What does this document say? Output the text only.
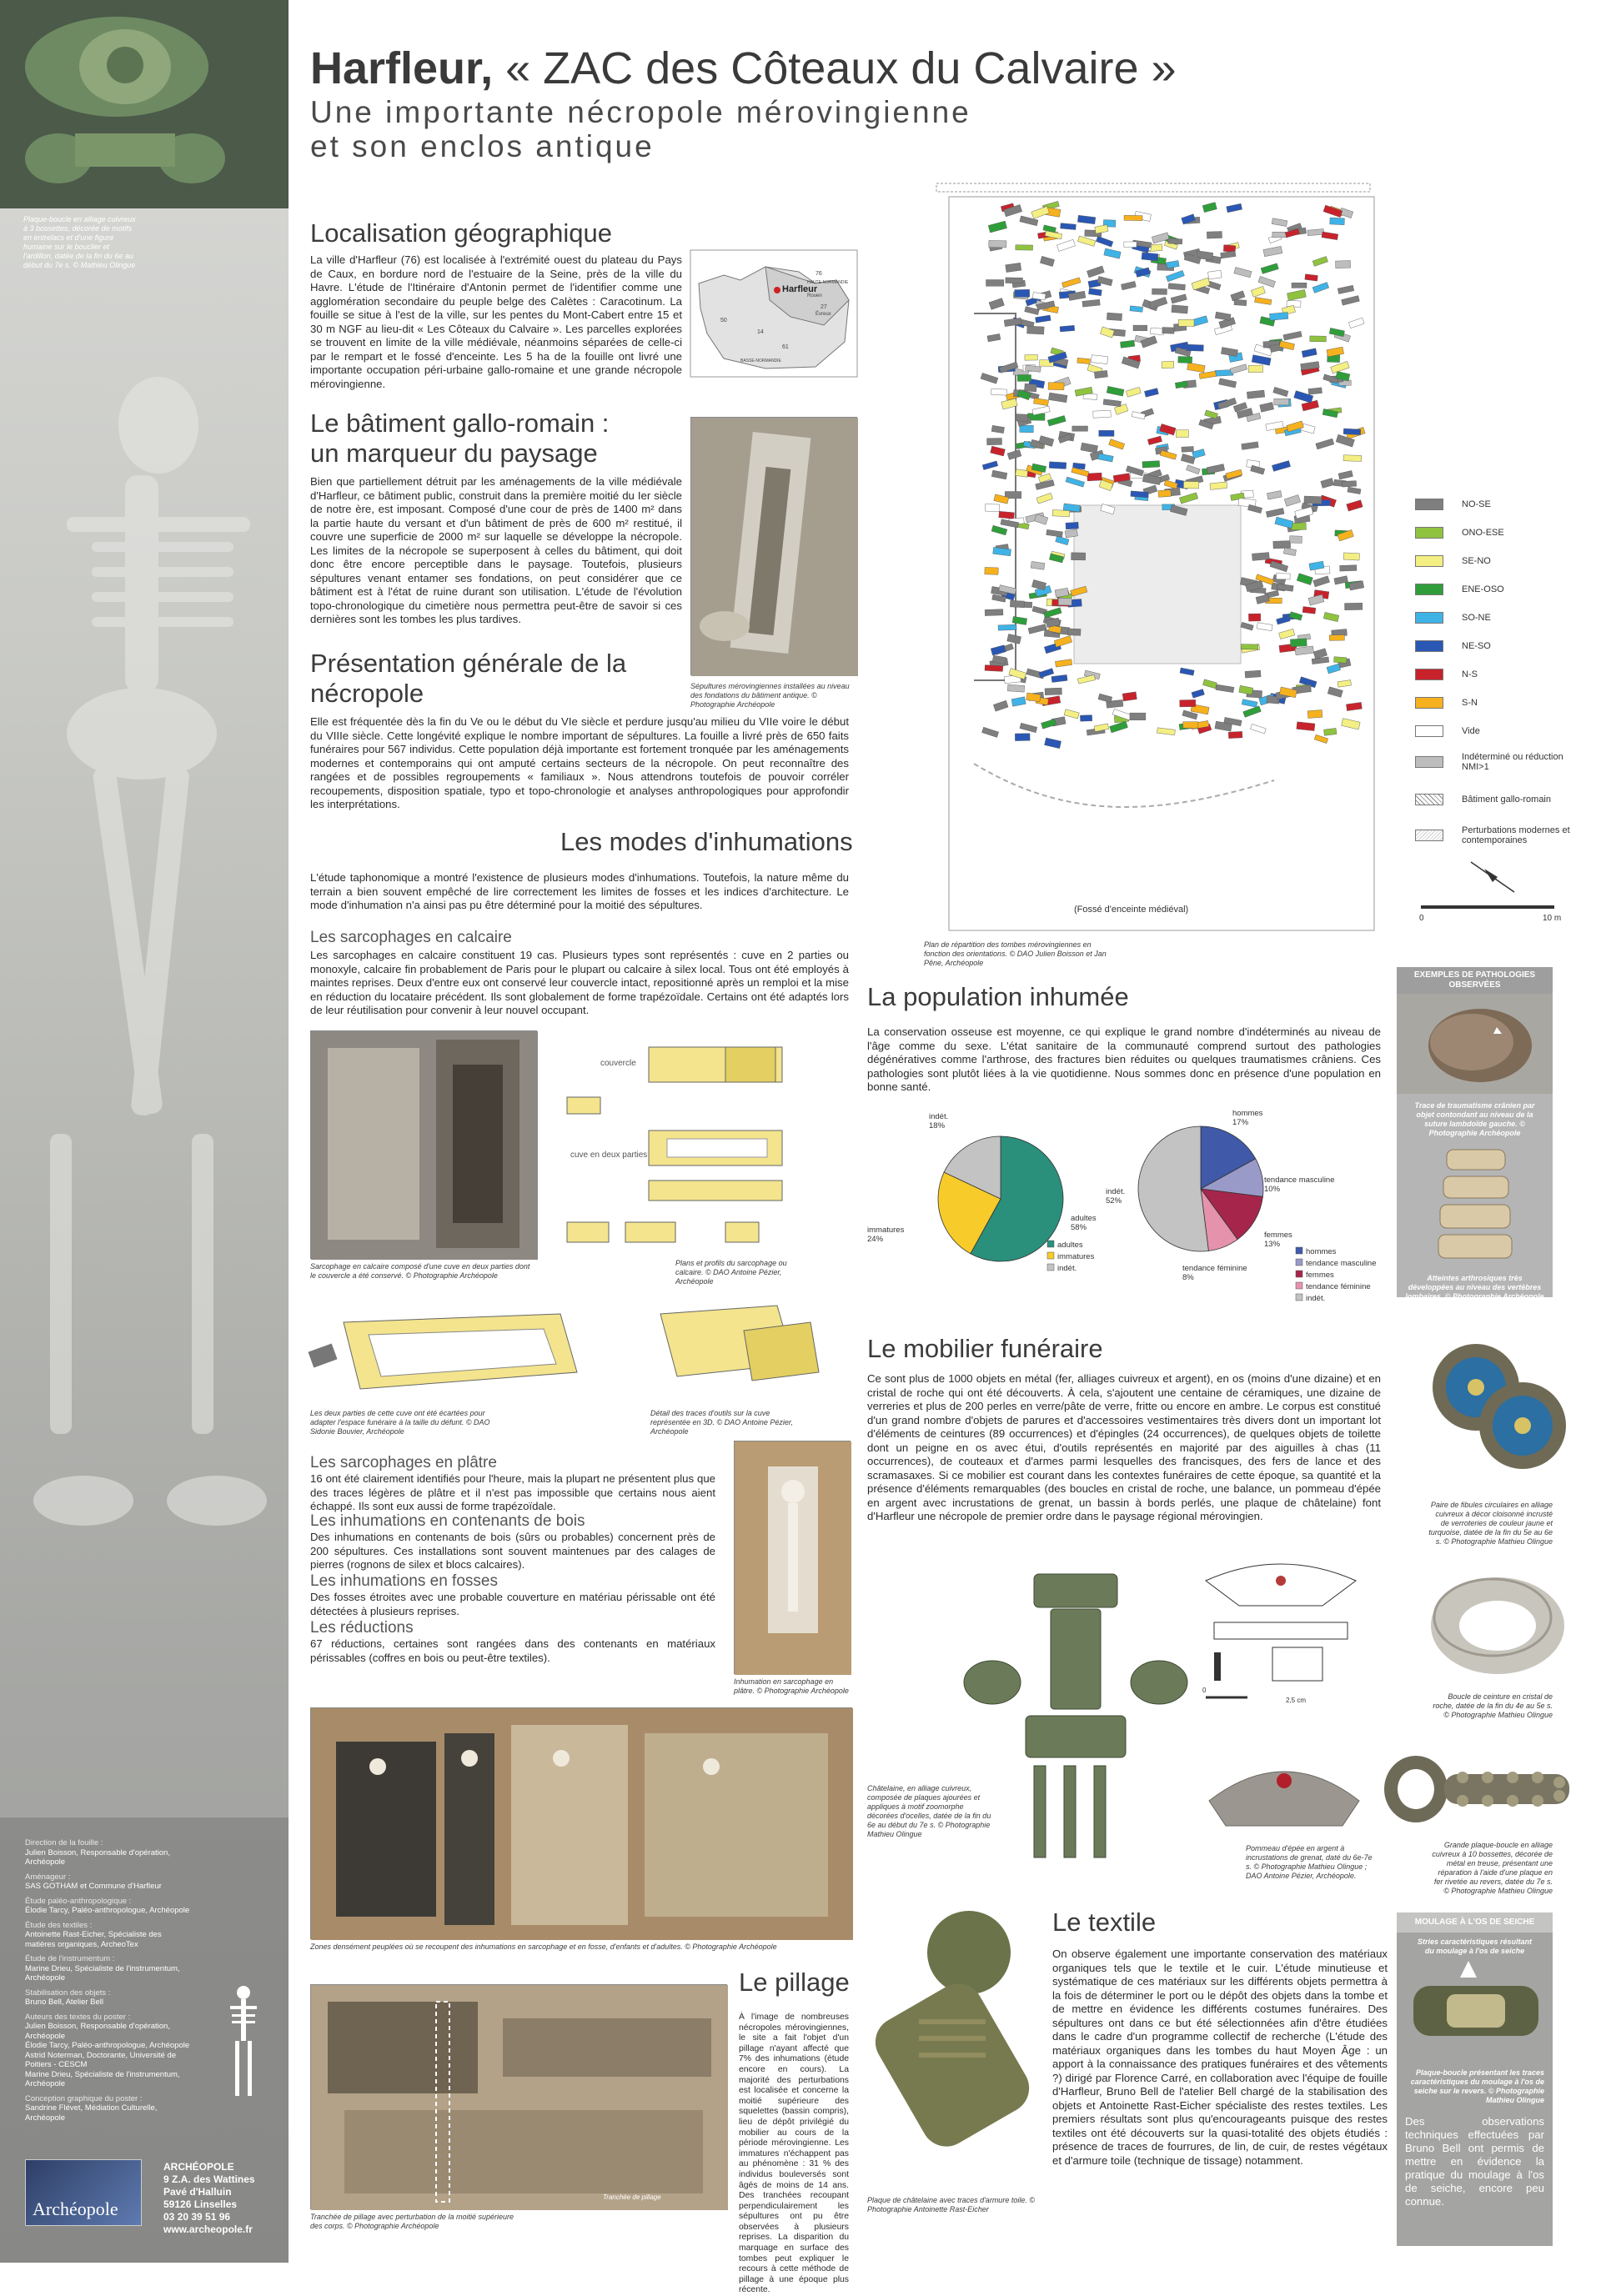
Plaque-boucle en alliage cuivreux à 3 bossettes, décorée de motifs en entrelacs et d'une figure humaine sur le bouclier et l'ardillon, datée de la fin du 6e au début du 7e s. © Mathieu Olingue
Direction de la fouille :
Julien Boisson, Responsable d'opération, Archéopole
Aménageur :
SAS GOTHAM et Commune d'Harfleur
Étude paléo-anthropologique :
Élodie Tarcy, Paléo-anthropologue, Archéopole
Étude des textiles :
Antoinette Rast-Eicher, Spécialiste des matières organiques, ArcheoTex
Étude de l'instrumentum :
Marine Drieu, Spécialiste de l'instrumentum, Archéopole
Stabilisation des objets :
Bruno Bell, Atelier Bell
Auteurs des textes du poster :
Julien Boisson, Responsable d'opération, Archéopole
Élodie Tarcy, Paléo-anthropologue, Archéopole
Astrid Noterman, Doctorante, Université de Poitiers - CESCM
Marine Drieu, Spécialiste de l'instrumentum, Archéopole
Conception graphique du poster :
Sandrine Flévet, Médiation Culturelle, Archéopole
Archéopole
ARCHÉOPOLE
9 Z.A. des Wattines
Pavé d'Halluin
59126 Linselles
03 20 39 51 96
www.archeopole.fr
Harfleur, « ZAC des Côteaux du Calvaire »
Une importante nécropole mérovingienne
et son enclos antique
Localisation géographique
La ville d'Harfleur (76) est localisée à l'extrémité ouest du plateau du Pays de Caux, en bordure nord de l'estuaire de la Seine, près de la ville du Havre. L'étude de l'Itinéraire d'Antonin permet de l'identifier comme une agglomération secondaire du peuple belge des Calètes : Caracotinum. La fouille se situe à l'est de la ville, sur les pentes du Mont-Cabert entre 15 et 30 m NGF au lieu-dit « Les Côteaux du Calvaire ». Les parcelles explorées se trouvent en limite de la ville médiévale, néanmoins séparées de celle-ci par le rempart et le fossé d'enceinte. Les 5 ha de la fouille ont livré une importante occupation péri-urbaine gallo-romaine et une grande nécropole mérovingienne.
Harfleur
76
HAUTE-NORMANDIE
Rouen
Évreux
27
50
14
61
BASSE-NORMANDIE
Le bâtiment gallo-romain :
un marqueur du paysage
Bien que partiellement détruit par les aménagements de la ville médiévale d'Harfleur, ce bâtiment public, construit dans la première moitié du Ier siècle de notre ère, est imposant. Composé d'une cour de près de 1400 m² dans la partie haute du versant et d'un bâtiment de près de 600 m² restitué, il couvre une superficie de 2000 m² sur laquelle se développe la nécropole. Les limites de la nécropole se superposent à celles du bâtiment, qui doit donc être encore perceptible dans le paysage. Toutefois, plusieurs sépultures venant entamer ses fondations, on peut considérer que ce bâtiment est à l'état de ruine durant son utilisation. L'étude de l'évolution topo-chronologique du cimetière nous permettra peut-être de savoir si ces dernières sont les tombes les plus tardives.
Sépultures mérovingiennes installées au niveau des fondations du bâtiment antique. © Photographie Archéopole
Présentation générale de la
nécropole
Elle est fréquentée dès la fin du Ve ou le début du VIe siècle et perdure jusqu'au milieu du VIIe voire le début du VIIIe siècle. Cette longévité explique le nombre important de sépultures. La fouille a livré près de 650 faits funéraires pour 567 individus. Cette population déjà importante est fortement tronquée par les aménagements modernes et contemporains qui ont amputé certains secteurs de la nécropole. On peut reconnaître des rangées et de possibles regroupements « familiaux ». Nous attendrons toutefois de pouvoir corréler recoupements, disposition spatiale, typo et topo-chronologie et analyses anthropologiques pour approfondir les interprétations.
Les modes d'inhumations
L'étude taphonomique a montré l'existence de plusieurs modes d'inhumations. Toutefois, la nature même du terrain a bien souvent empêché de lire correctement les limites de fosses et les indices d'architecture. Le mode d'inhumation n'a ainsi pas pu être déterminé pour la moitié des sépultures.
Les sarcophages en calcaire
Les sarcophages en calcaire constituent 19 cas. Plusieurs types sont représentés : cuve en 2 parties ou monoxyle, calcaire fin probablement de Paris pour le plupart ou calcaire à silex local. Tous ont été employés à maintes reprises. Deux d'entre eux ont conservé leur couvercle intact, repositionné après un remploi et la mise en réduction du locataire précédent. Ils sont globalement de forme trapézoïdale. Certains ont été adaptés lors de leur réutilisation pour convenir à leur nouvel occupant.
Sarcophage en calcaire composé d'une cuve en deux parties dont le couvercle a été conservé. © Photographie Archéopole
couvercle
cuve en deux parties
Plans et profils du sarcophage ou calcaire. © DAO Antoine Pézier, Archéopole
Les deux parties de cette cuve ont été écartées pour adapter l'espace funéraire à la taille du défunt. © DAO Sidonie Bouvier, Archéopole
Détail des traces d'outils sur la cuve représentée en 3D. © DAO Antoine Pézier, Archéopole
Les sarcophages en plâtre
16 ont été clairement identifiés pour l'heure, mais la plupart ne présentent plus que des traces légères de plâtre et il n'est pas impossible que certains nous aient échappé. Ils sont eux aussi de forme trapézoïdale.
Les inhumations en contenants de bois
Des inhumations en contenants de bois (sûrs ou probables) concernent près de 200 sépultures. Ces installations sont souvent maintenues par des calages de pierres (rognons de silex et blocs calcaires).
Les inhumations en fosses
Des fosses étroites avec une probable couverture en matériau périssable ont été détectées à plusieurs reprises.
Les réductions
67 réductions, certaines sont rangées dans des contenants en matériaux périssables (coffres en bois ou peut-être textiles).
Inhumation en sarcophage en plâtre. © Photographie Archéopole
Zones densément peuplées où se recoupent des inhumations en sarcophage et en fosse, d'enfants et d'adultes. © Photographie Archéopole
Le pillage
Tranchée de pillage
Tranchée de pillage avec perturbation de la moitié supérieure des corps. © Photographie Archéopole
À l'image de nombreuses nécropoles mérovingiennes, le site a fait l'objet d'un pillage n'ayant affecté que 7% des inhumations (étude encore en cours). La majorité des perturbations est localisée et concerne la moitié supérieure des squelettes (bassin compris), lieu de dépôt privilégié du mobilier au cours de la période mérovingienne. Les immatures n'échappent pas au phénomène : 31 % des individus bouleversés sont âgés de moins de 14 ans. Des tranchées recoupant perpendiculairement les sépultures ont pu être observées à plusieurs reprises. La disparition du marquage en surface des tombes peut expliquer le recours à cette méthode de pillage à une époque plus récente.
(Fossé d'enceinte médiéval)
Plan de répartition des tombes mérovingiennes en fonction des orientations. © DAO Julien Boisson et Jan Pêne, Archéopole
NO-SE
ONO-ESE
SE-NO
ENE-OSO
SO-NE
NE-SO
N-S
S-N
Vide
Indéterminé ou réduction NMI>1
Bâtiment gallo-romain
Perturbations modernes et contemporaines
0	10 m
La population inhumée
La conservation osseuse est moyenne, ce qui explique le grand nombre d'indéterminés au niveau de l'âge comme du sexe. L'état sanitaire de la communauté comprend surtout des pathologies dégénératives comme l'arthrose, des fractures bien réduites ou quelques traumatismes crâniens. Ces pathologies sont plutôt liées à la vie quotidienne. Nous sommes donc en présence d'une population en bonne santé.
indét.
18%
immatures
24%
adultes
58%
hommes
17%
tendance masculine
10%
femmes
13%
tendance féminine
8%
indét.
52%
adultes
immatures
indét.
hommes
tendance masculine
femmes
tendance féminine
indét.
EXEMPLES DE PATHOLOGIES OBSERVÉES
Trace de traumatisme crânien par objet contondant au niveau de la suture lambdoïde gauche. © Photographie Archéopole
Atteintes arthrosiques très développées au niveau des vertèbres lombaires. © Photographie Archéopole
Le mobilier funéraire
Ce sont plus de 1000 objets en métal (fer, alliages cuivreux et argent), en os (moins d'une dizaine) et en cristal de roche qui ont été découverts. À cela, s'ajoutent une centaine de céramiques, une dizaine de verreries et plus de 200 perles en verre/pâte de verre, fritte ou encore en ambre. Le corpus est constitué d'un grand nombre d'objets de parures et d'accessoires vestimentaires très divers dont un important lot d'éléments de ceintures (89 occurrences) et d'épingles (24 occurrences), de quelques objets de toilette dont un peigne en os avec étui, d'outils représentés en majorité par des aiguilles à chas (11 occurrences), de couteaux et d'armes parmi lesquelles des francisques, des fers de lance et des scramasaxes. Si ce mobilier est courant dans les contextes funéraires de cette époque, sa quantité et la présence d'éléments remarquables (des boucles en cristal de roche, une balance, un pommeau d'épée en argent avec incrustations de grenat, un bassin à bords perlés, une plaque de châtelaine) font d'Harfleur une nécropole de premier ordre dans le paysage régional mérovingien.
Paire de fibules circulaires en alliage cuivreux à décor cloisonné incrusté de verroteries de couleur jaune et turquoise, datée de la fin du 5e au 6e s. © Photographie Mathieu Olingue
Boucle de ceinture en cristal de roche, datée de la fin du 4e au 5e s. © Photographie Mathieu Olingue
Grande plaque-boucle en alliage cuivreux à 10 bossettes, décorée de métal en treuse, présentant une réparation à l'aide d'une plaque en fer rivetée au revers, datée du 7e s. © Photographie Mathieu Olingue
0
2,5 cm
Châtelaine, en alliage cuivreux, composée de plaques ajourées et appliques à motif zoomorphe décorées d'ocelles, datée de la fin du 6e au début du 7e s. © Photographie Mathieu Olingue
Pommeau d'épée en argent à incrustations de grenat, daté du 6e-7e s. © Photographie Mathieu Olingue ; DAO Antoine Pézier, Archéopole.
Le textile
On observe également une importante conservation des matériaux organiques tels que le textile et le cuir. L'étude minutieuse et systématique de ces matériaux sur les différents objets permettra à la fois de déterminer le port ou le dépôt des objets dans la tombe et de mettre en évidence les différents costumes funéraires. Des sépultures ont dans ce but été sélectionnées afin d'être étudiées dans le cadre d'un programme collectif de recherche (L'étude des matériaux organiques dans les tombes du haut Moyen Âge : un apport à la connaissance des pratiques funéraires et des vêtements ?) dirigé par Florence Carré, en collaboration avec l'équipe de fouille d'Harfleur, Bruno Bell de l'atelier Bell chargé de la stabilisation des objets et Antoinette Rast-Eicher spécialiste des restes textiles. Les premiers résultats sont plus qu'encourageants puisque des restes textiles ont été découverts sur la quasi-totalité des objets étudiés : présence de traces de fourrures, de lin, de cuir, de restes végétaux et d'armure toile (technique de tissage) notamment.
Plaque de châtelaine avec traces d'armure toile. © Photographie Antoinette Rast-Eicher
MOULAGE À L'OS DE SEICHE
Stries caractéristiques résultant du moulage à l'os de seiche
Plaque-boucle présentant les traces caractéristiques du moulage à l'os de seiche sur le revers. © Photographie Mathieu Olingue
Des observations techniques effectuées par Bruno Bell ont permis de mettre en évidence la pratique du moulage à l'os de seiche, encore peu connue.
